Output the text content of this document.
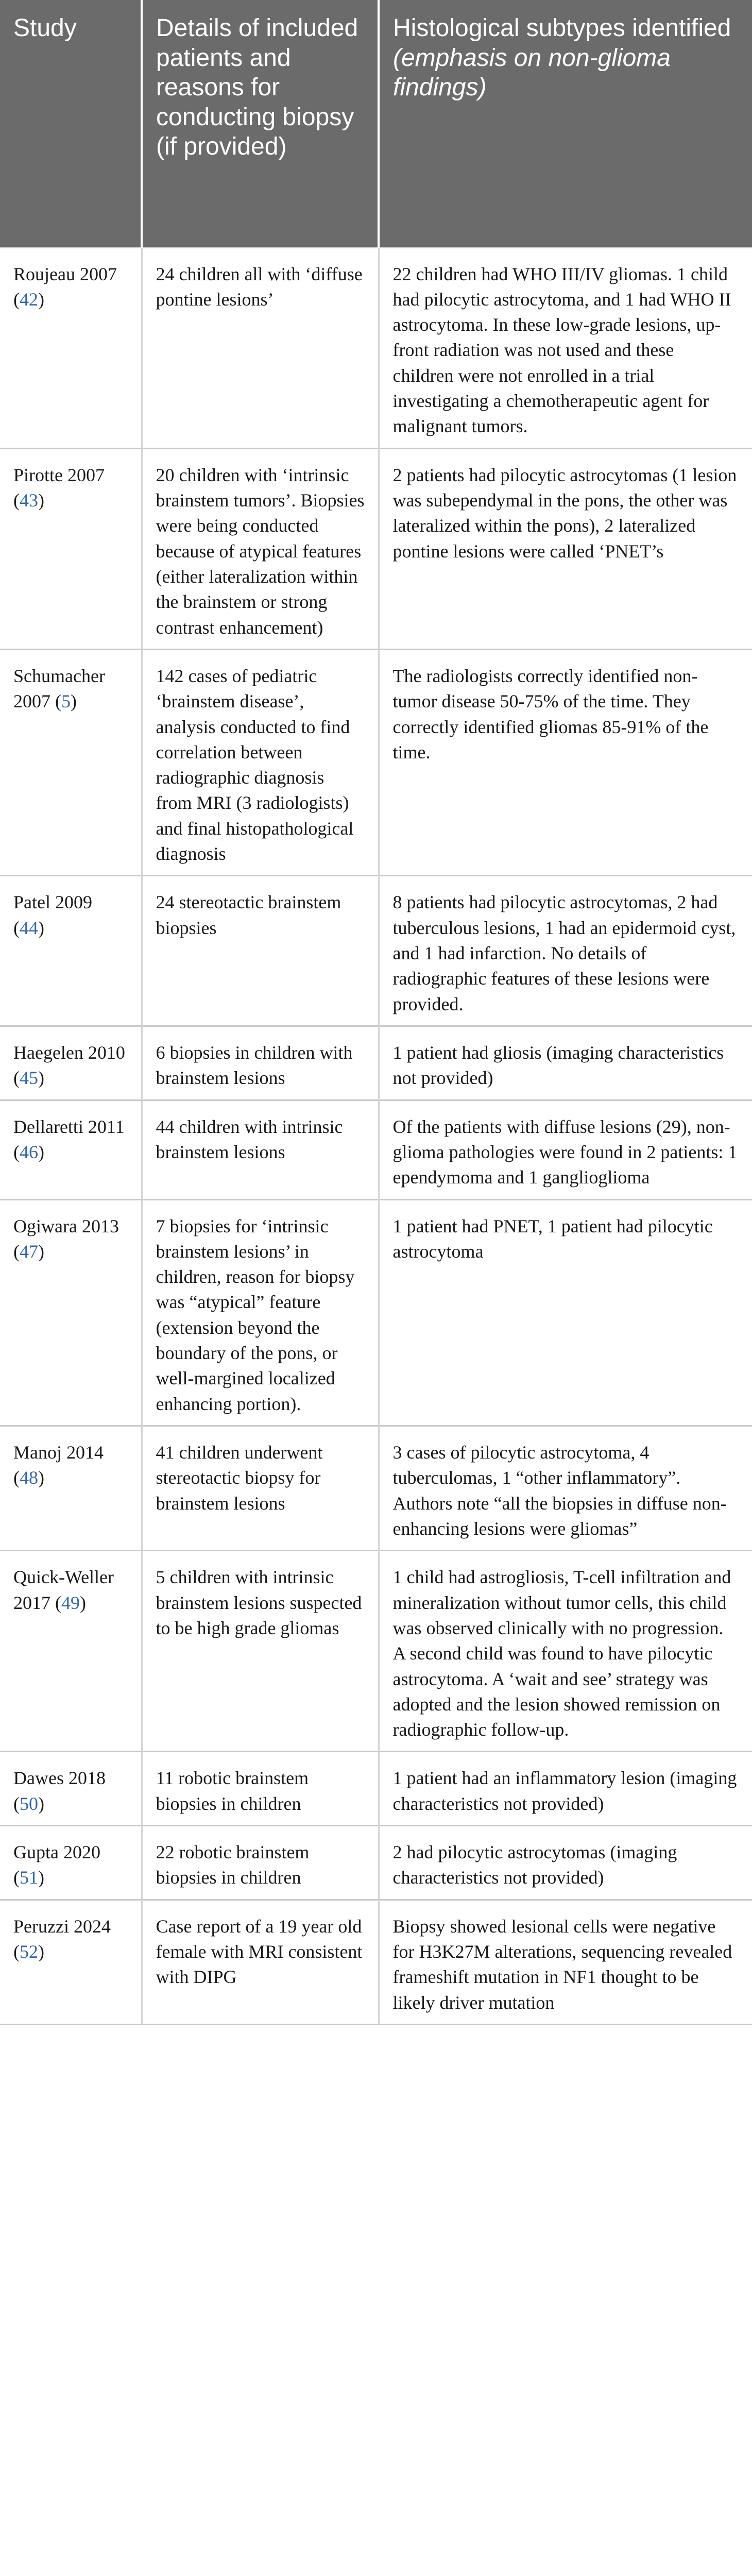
Study	Details of included patients and reasons for conducting biopsy (if provided)	Histological subtypes identified (emphasis on non-glioma findings)
Roujeau 2007 (42)	24 children all with ‘diffuse pontine lesions’	22 children had WHO III/IV gliomas. 1 child had pilocytic astrocytoma, and 1 had WHO II astrocytoma. In these low-grade lesions, up-front radiation was not used and these children were not enrolled in a trial investigating a chemotherapeutic agent for malignant tumors.
Pirotte 2007 (43)	20 children with ‘intrinsic brainstem tumors’. Biopsies were being conducted because of atypical features (either lateralization within the brainstem or strong contrast enhancement)	2 patients had pilocytic astrocytomas (1 lesion was subependymal in the pons, the other was lateralized within the pons), 2 lateralized pontine lesions were called ‘PNET’s
Schumacher 2007 (5)	142 cases of pediatric ‘brainstem disease’, analysis conducted to find correlation between radiographic diagnosis from MRI (3 radiologists) and final histopathological diagnosis	The radiologists correctly identified non-tumor disease 50-75% of the time. They correctly identified gliomas 85-91% of the time.
Patel 2009 (44)	24 stereotactic brainstem biopsies	8 patients had pilocytic astrocytomas, 2 had tuberculous lesions, 1 had an epidermoid cyst, and 1 had infarction. No details of radiographic features of these lesions were provided.
Haegelen 2010 (45)	6 biopsies in children with brainstem lesions	1 patient had gliosis (imaging characteristics not provided)
Dellaretti 2011 (46)	44 children with intrinsic brainstem lesions	Of the patients with diffuse lesions (29), non-glioma pathologies were found in 2 patients: 1 ependymoma and 1 ganglioglioma
Ogiwara 2013 (47)	7 biopsies for ‘intrinsic brainstem lesions’ in children, reason for biopsy was “atypical” feature (extension beyond the boundary of the pons, or well-margined localized enhancing portion).	1 patient had PNET, 1 patient had pilocytic astrocytoma
Manoj 2014 (48)	41 children underwent stereotactic biopsy for brainstem lesions	3 cases of pilocytic astrocytoma, 4 tuberculomas, 1 “other inflammatory”. Authors note “all the biopsies in diffuse non-enhancing lesions were gliomas”
Quick-Weller 2017 (49)	5 children with intrinsic brainstem lesions suspected to be high grade gliomas	1 child had astrogliosis, T-cell infiltration and mineralization without tumor cells, this child was observed clinically with no progression. A second child was found to have pilocytic astrocytoma. A ‘wait and see’ strategy was adopted and the lesion showed remission on radiographic follow-up.
Dawes 2018 (50)	11 robotic brainstem biopsies in children	1 patient had an inflammatory lesion (imaging characteristics not provided)
Gupta 2020 (51)	22 robotic brainstem biopsies in children	2 had pilocytic astrocytomas (imaging characteristics not provided)
Peruzzi 2024 (52)	Case report of a 19 year old female with MRI consistent with DIPG	Biopsy showed lesional cells were negative for H3K27M alterations, sequencing revealed frameshift mutation in NF1 thought to be likely driver mutation
